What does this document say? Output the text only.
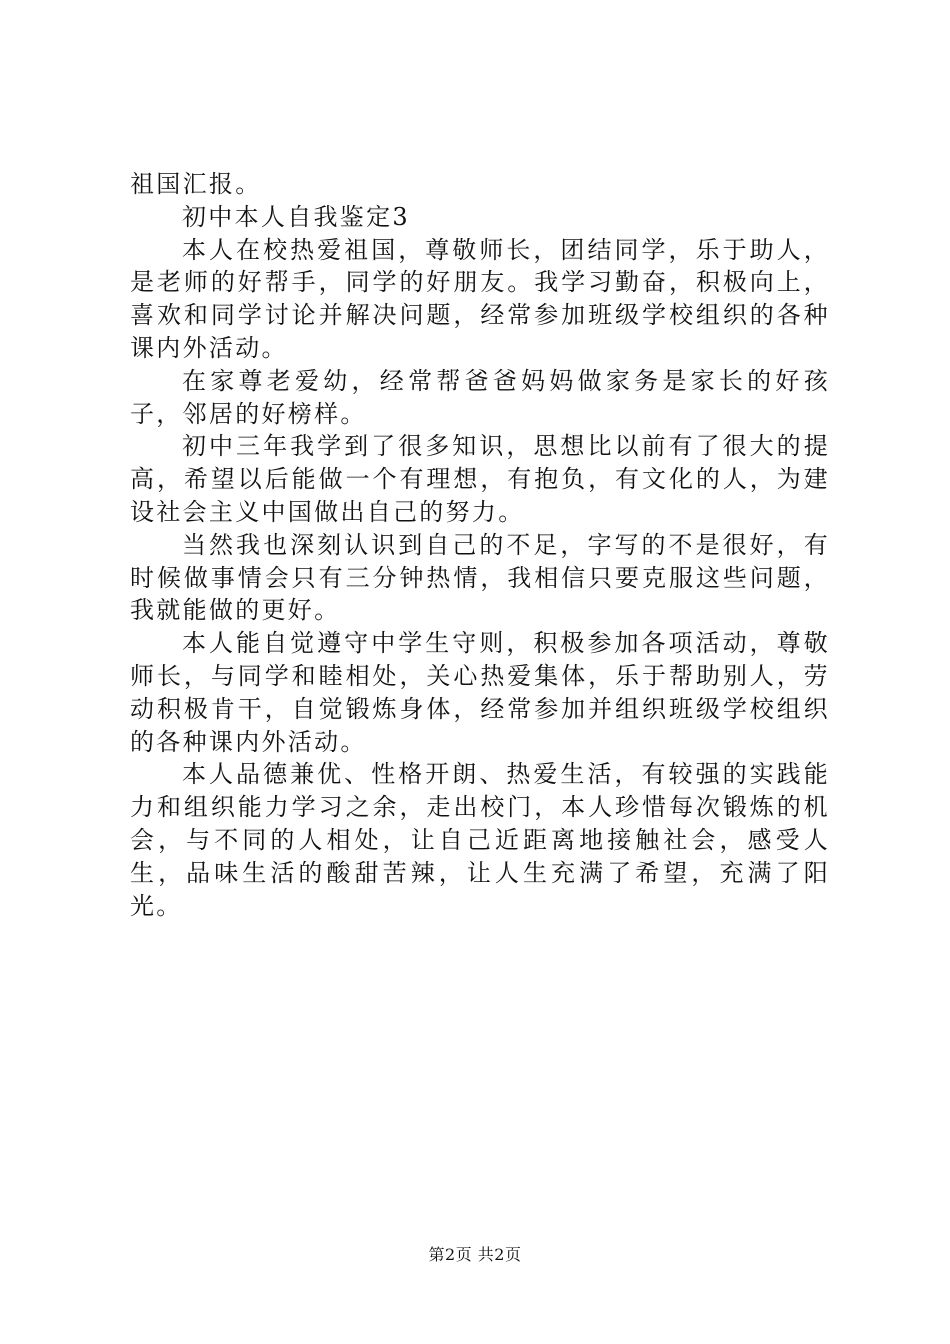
祖国汇报。

初中本人自我鉴定3

本人在校热爱祖国，尊敬师长，团结同学，乐于助人，是老师的好帮手，同学的好朋友。我学习勤奋，积极向上，喜欢和同学讨论并解决问题，经常参加班级学校组织的各种课内外活动。

在家尊老爱幼，经常帮爸爸妈妈做家务是家长的好孩子，邻居的好榜样。

初中三年我学到了很多知识，思想比以前有了很大的提高，希望以后能做一个有理想，有抱负，有文化的人，为建设社会主义中国做出自己的努力。

当然我也深刻认识到自己的不足，字写的不是很好，有时候做事情会只有三分钟热情，我相信只要克服这些问题，我就能做的更好。

本人能自觉遵守中学生守则，积极参加各项活动，尊敬师长，与同学和睦相处，关心热爱集体，乐于帮助别人，劳动积极肯干，自觉锻炼身体，经常参加并组织班级学校组织的各种课内外活动。

本人品德兼优、性格开朗、热爱生活，有较强的实践能力和组织能力学习之余，走出校门，本人珍惜每次锻炼的机会，与不同的人相处，让自己近距离地接触社会，感受人生，品味生活的酸甜苦辣，让人生充满了希望，充满了阳光。

第2页 共2页
